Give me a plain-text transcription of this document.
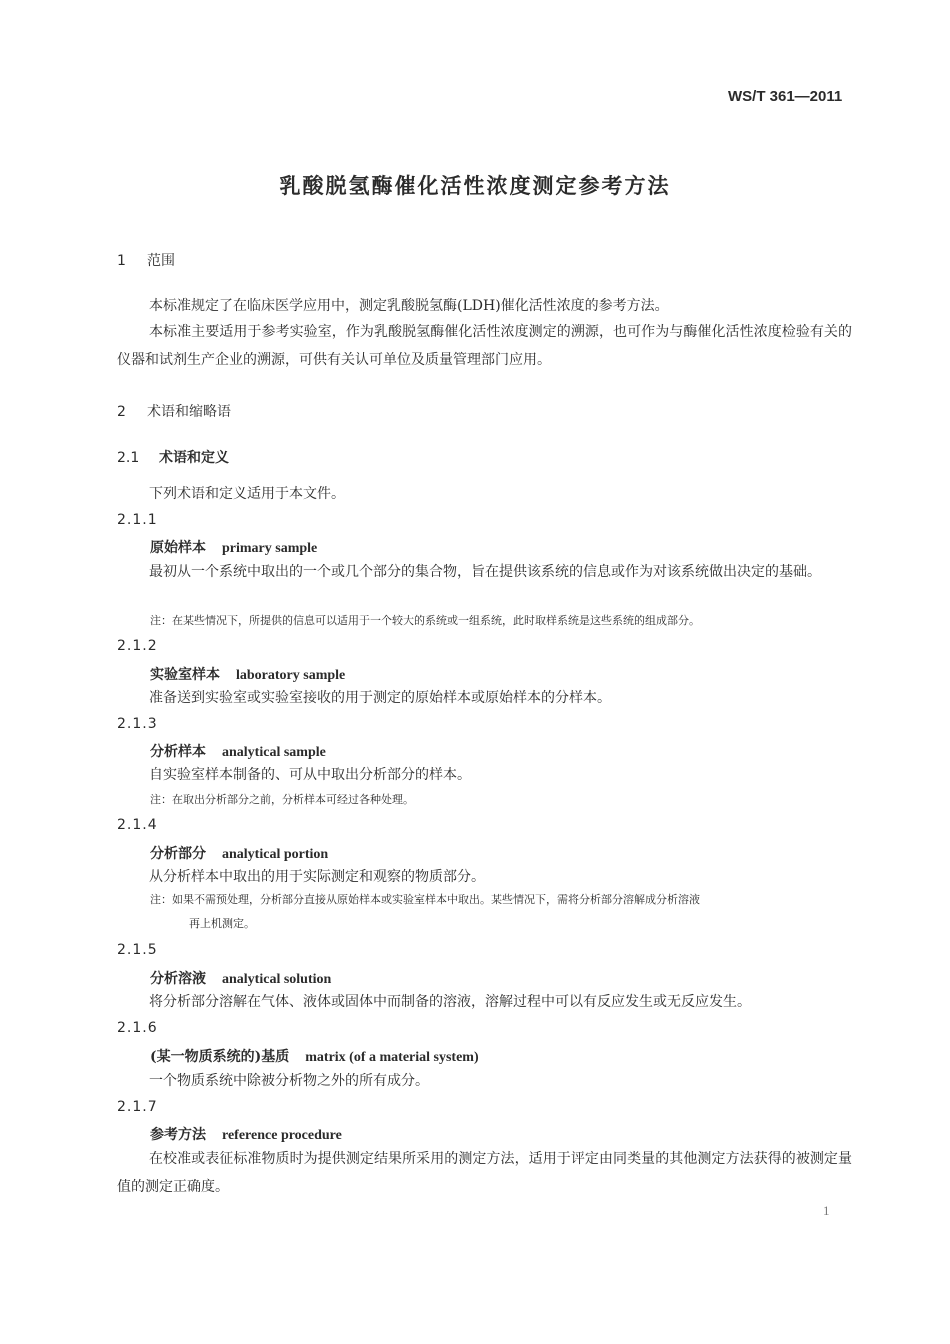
WS/T 361—2011
乳酸脱氢酶催化活性浓度测定参考方法
1 范围
本标准规定了在临床医学应用中，测定乳酸脱氢酶(LDH)催化活性浓度的参考方法。
本标准主要适用于参考实验室，作为乳酸脱氢酶催化活性浓度测定的溯源，也可作为与酶催化活性浓度检验有关的仪器和试剂生产企业的溯源，可供有关认可单位及质量管理部门应用。
2 术语和缩略语
2.1 术语和定义
下列术语和定义适用于本文件。
2.1.1
原始样本 primary sample
最初从一个系统中取出的一个或几个部分的集合物，旨在提供该系统的信息或作为对该系统做出决定的基础。
注：在某些情况下，所提供的信息可以适用于一个较大的系统或一组系统，此时取样系统是这些系统的组成部分。
2.1.2
实验室样本 laboratory sample
准备送到实验室或实验室接收的用于测定的原始样本或原始样本的分样本。
2.1.3
分析样本 analytical sample
自实验室样本制备的、可从中取出分析部分的样本。
注：在取出分析部分之前，分析样本可经过各种处理。
2.1.4
分析部分 analytical portion
从分析样本中取出的用于实际测定和观察的物质部分。
注：如果不需预处理，分析部分直接从原始样本或实验室样本中取出。某些情况下，需将分析部分溶解成分析溶液
再上机测定。
2.1.5
分析溶液 analytical solution
将分析部分溶解在气体、液体或固体中而制备的溶液，溶解过程中可以有反应发生或无反应发生。
2.1.6
(某一物质系统的)基质 matrix (of a material system)
一个物质系统中除被分析物之外的所有成分。
2.1.7
参考方法 reference procedure
在校准或表征标准物质时为提供测定结果所采用的测定方法，适用于评定由同类量的其他测定方法获得的被测定量值的测定正确度。
1
